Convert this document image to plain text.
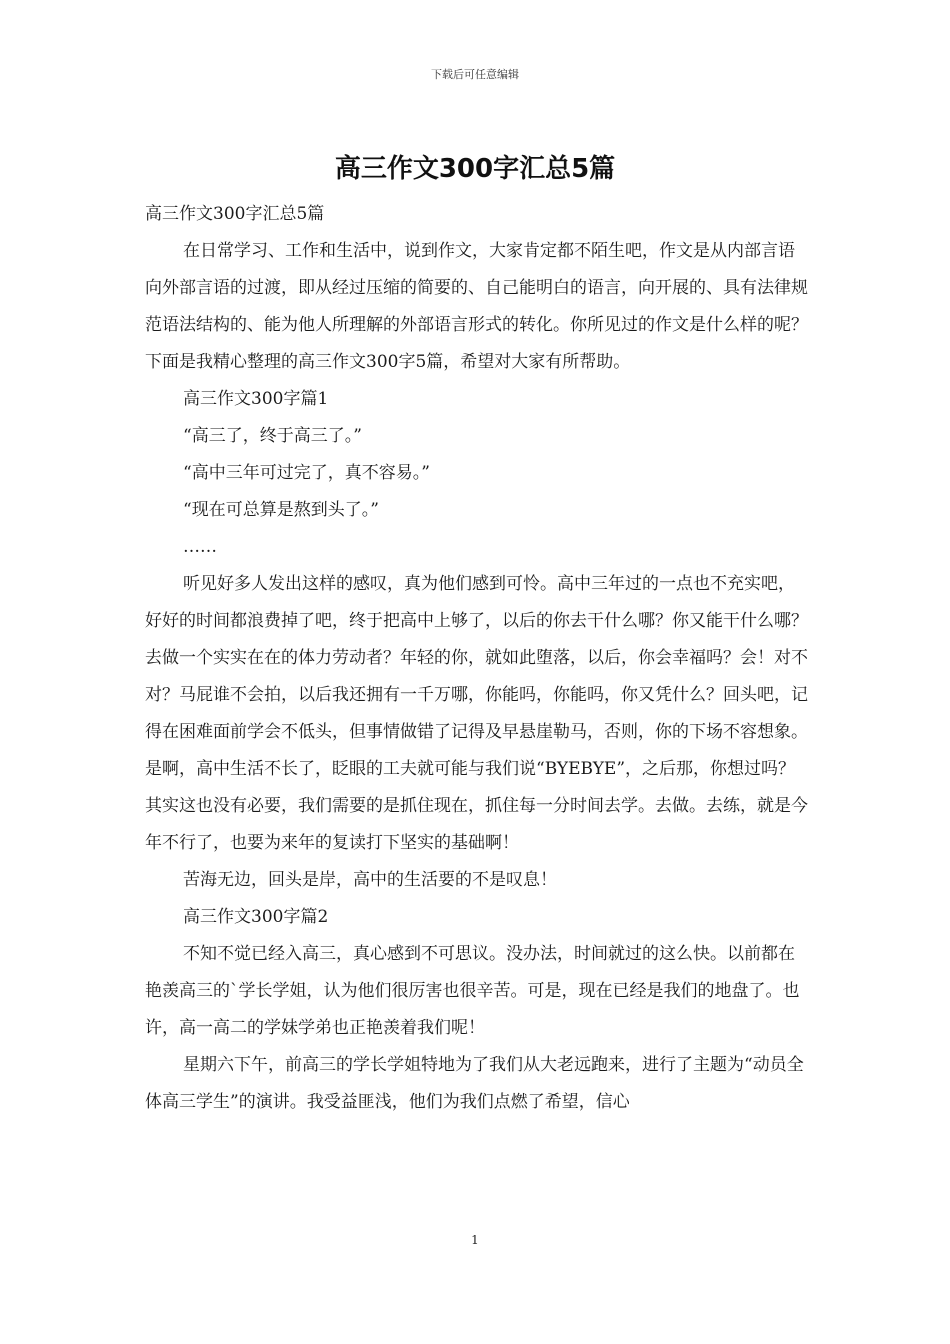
下载后可任意编辑
高三作文300字汇总5篇

高三作文300字汇总5篇

在日常学习、工作和生活中，说到作文，大家肯定都不陌生吧，作文是从内部言语向外部言语的过渡，即从经过压缩的简要的、自己能明白的语言，向开展的、具有法律规范语法结构的、能为他人所理解的外部语言形式的转化。你所见过的作文是什么样的呢？下面是我精心整理的高三作文300字5篇，希望对大家有所帮助。

高三作文300字篇1

“高三了，终于高三了。”

“高中三年可过完了，真不容易。”

“现在可总算是熬到头了。”

……

听见好多人发出这样的感叹，真为他们感到可怜。高中三年过的一点也不充实吧，好好的时间都浪费掉了吧，终于把高中上够了，以后的你去干什么哪？你又能干什么哪？去做一个实实在在的体力劳动者？年轻的你，就如此堕落，以后，你会幸福吗？会！对不对？马屁谁不会拍，以后我还拥有一千万哪，你能吗，你能吗，你又凭什么？回头吧，记得在困难面前学会不低头，但事情做错了记得及早悬崖勒马，否则，你的下场不容想象。是啊，高中生活不长了，眨眼的工夫就可能与我们说“BYEBYE”，之后那，你想过吗？其实这也没有必要，我们需要的是抓住现在，抓住每一分时间去学。去做。去练，就是今年不行了，也要为来年的复读打下坚实的基础啊！

苦海无边，回头是岸，高中的生活要的不是叹息！

高三作文300字篇2

不知不觉已经入高三，真心感到不可思议。没办法，时间就过的这么快。以前都在艳羡高三的`学长学姐，认为他们很厉害也很辛苦。可是，现在已经是我们的地盘了。也许，高一高二的学妹学弟也正艳羡着我们呢！

星期六下午，前高三的学长学姐特地为了我们从大老远跑来，进行了主题为“动员全体高三学生”的演讲。我受益匪浅，他们为我们点燃了希望，信心

1
